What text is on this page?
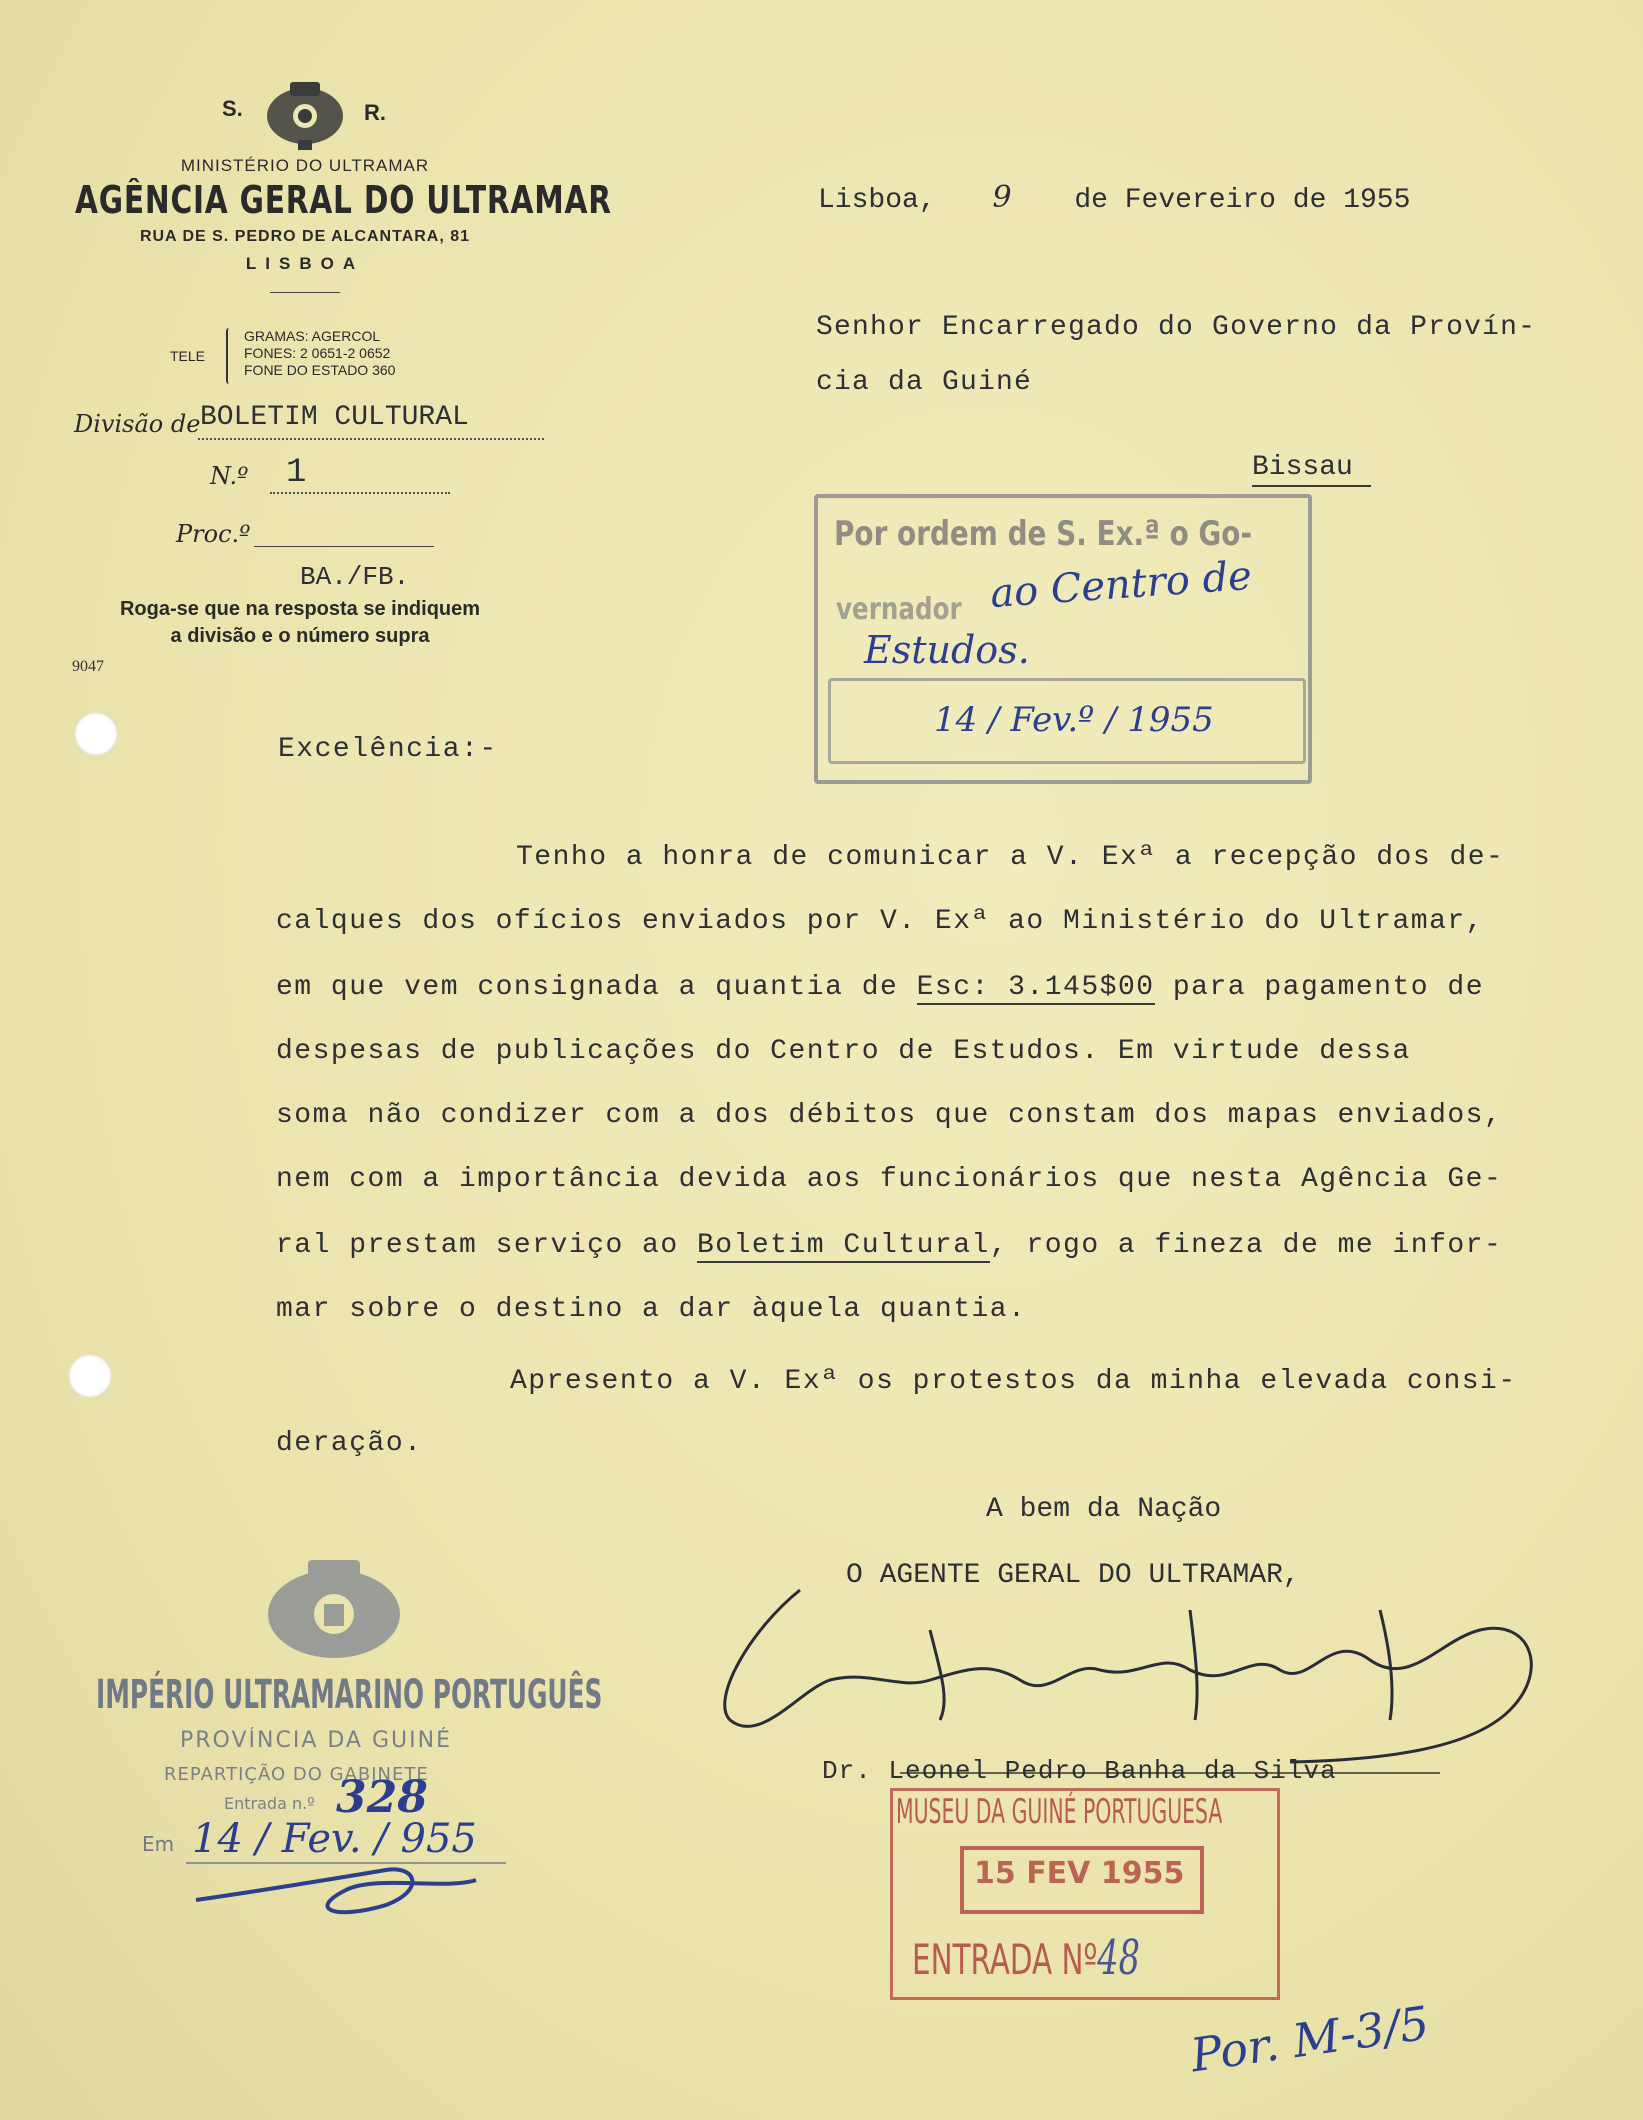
S.	R.
MINISTÉRIO DO ULTRAMAR
AGÊNCIA GERAL DO ULTRAMAR
RUA DE S. PEDRO DE ALCANTARA, 81
LISBOA
TELE
GRAMAS: AGERCOL
FONES: 2 0651-2 0652
FONE DO ESTADO 360
Divisão de BOLETIM CULTURAL
N.º 1
Proc.º
BA./FB.
Roga-se que na resposta se indiquem
a divisão e o número supra
9047
Lisboa, 9 de Fevereiro de 1955
Senhor Encarregado do Governo da Provín-
cia da Guiné
Bissau
Por ordem de S. Ex.ª o Go-
vernador ao Centro de
Estudos.
14 / Fev.º / 1955
Excelência:-
Tenho a honra de comunicar a V. Exª a recepção dos de-
calques dos ofícios enviados por V. Exª ao Ministério do Ultramar,
em que vem consignada a quantia de Esc: 3.145$00 para pagamento de
despesas de publicações do Centro de Estudos. Em virtude dessa
soma não condizer com a dos débitos que constam dos mapas enviados,
nem com a importância devida aos funcionários que nesta Agência Ge-
ral prestam serviço ao Boletim Cultural, rogo a fineza de me infor-
mar sobre o destino a dar àquela quantia.
Apresento a V. Exª os protestos da minha elevada consi-
deração.
A bem da Nação
O AGENTE GERAL DO ULTRAMAR,
Dr. Leonel Pedro Banha da Silva
IMPÉRIO ULTRAMARINO PORTUGUÊS
PROVÍNCIA DA GUINÉ
REPARTIÇÃO DO GABINETE
Entrada n.º 328
Em 14 / Fev. / 955
MUSEU DA GUINÉ PORTUGUESA
15 FEV 1955
ENTRADA Nº48
Por. M-3/5
